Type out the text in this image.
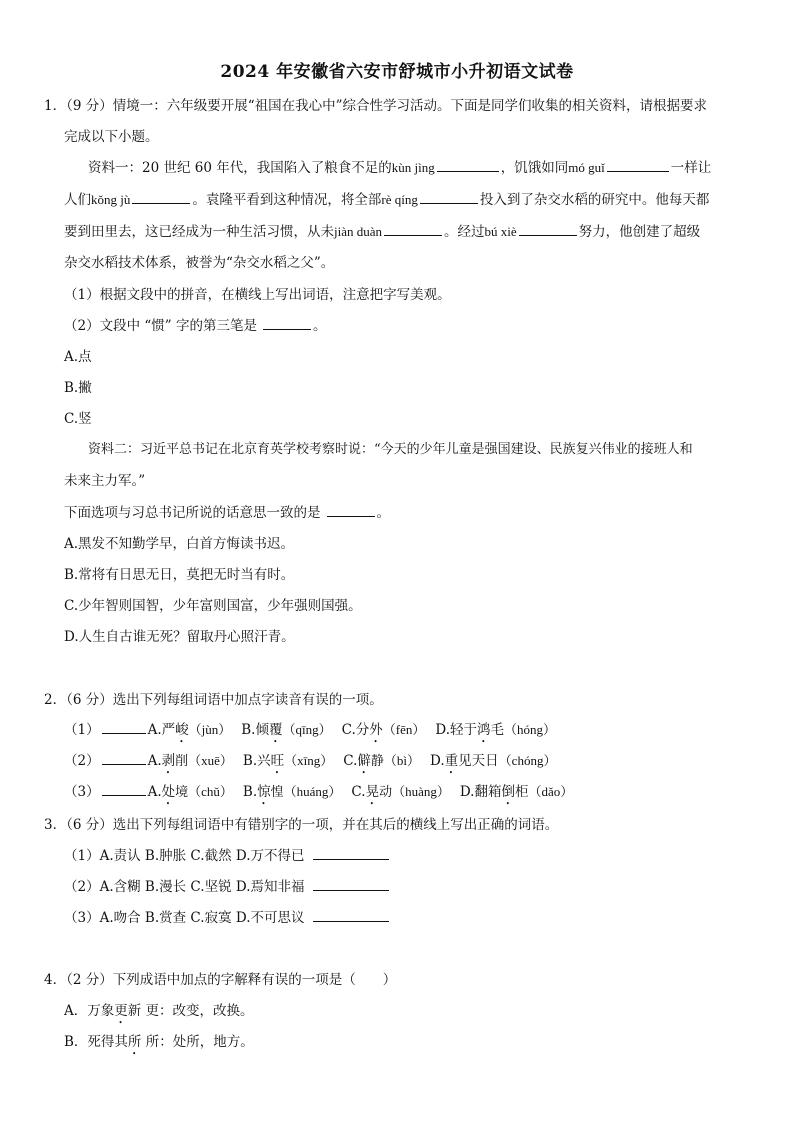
2024 年安徽省六安市舒城市小升初语文试卷
1．（9 分）情境一：六年级要开展“祖国在我心中”综合性学习活动。下面是同学们收集的相关资料，请根据要求
完成以下小题。
资料一：20 世纪 60 年代，我国陷入了粮食不足的kùn jìng	，饥饿如同mó guǐ	一样让
人们kǒng jù	。袁隆平看到这种情况，将全部rè qíng	投入到了杂交水稻的研究中。他每天都
要到田里去，这已经成为一种生活习惯，从未jiàn duàn	。经过bú xiè	努力，他创建了超级
杂交水稻技术体系，被誉为“杂交水稻之父”。
（1）根据文段中的拼音，在横线上写出词语，注意把字写美观。
（2）文段中 “惯” 字的第三笔是	。
A.点
B.撇
C.竖
资料二：习近平总书记在北京育英学校考察时说：“今天的少年儿童是强国建设、民族复兴伟业的接班人和
未来主力军。”
下面选项与习总书记所说的话意思一致的是	。
A.黑发不知勤学早，白首方悔读书迟。
B.常将有日思无日，莫把无时当有时。
C.少年智则国智，少年富则国富，少年强则国强。
D.人生自古谁无死？留取丹心照汗青。
2．（6 分）选出下列每组词语中加点字读音有误的一项。
（1）	A.严峻（jùn） B.倾覆（qīng） C.分外（fēn） D.轻于鸿毛（hóng）
（2）	A.剥削（xuē） B.兴旺（xīng） C.僻静（bì） D.重见天日（chóng）
（3）	A.处境（chǔ） B.惊惶（huáng） C.晃动（huàng） D.翻箱倒柜（dǎo）
3．（6 分）选出下列每组词语中有错别字的一项，并在其后的横线上写出正确的词语。
（1）A.责认 B.肿胀 C.截然 D.万不得已
（2）A.含糊 B.漫长 C.坚锐 D.焉知非福
（3）A.吻合 B.赏查 C.寂寞 D.不可思议
4．（2 分）下列成语中加点的字解释有误的一项是（　　）
A．万象更新 更：改变，改换。
B．死得其所 所：处所，地方。
